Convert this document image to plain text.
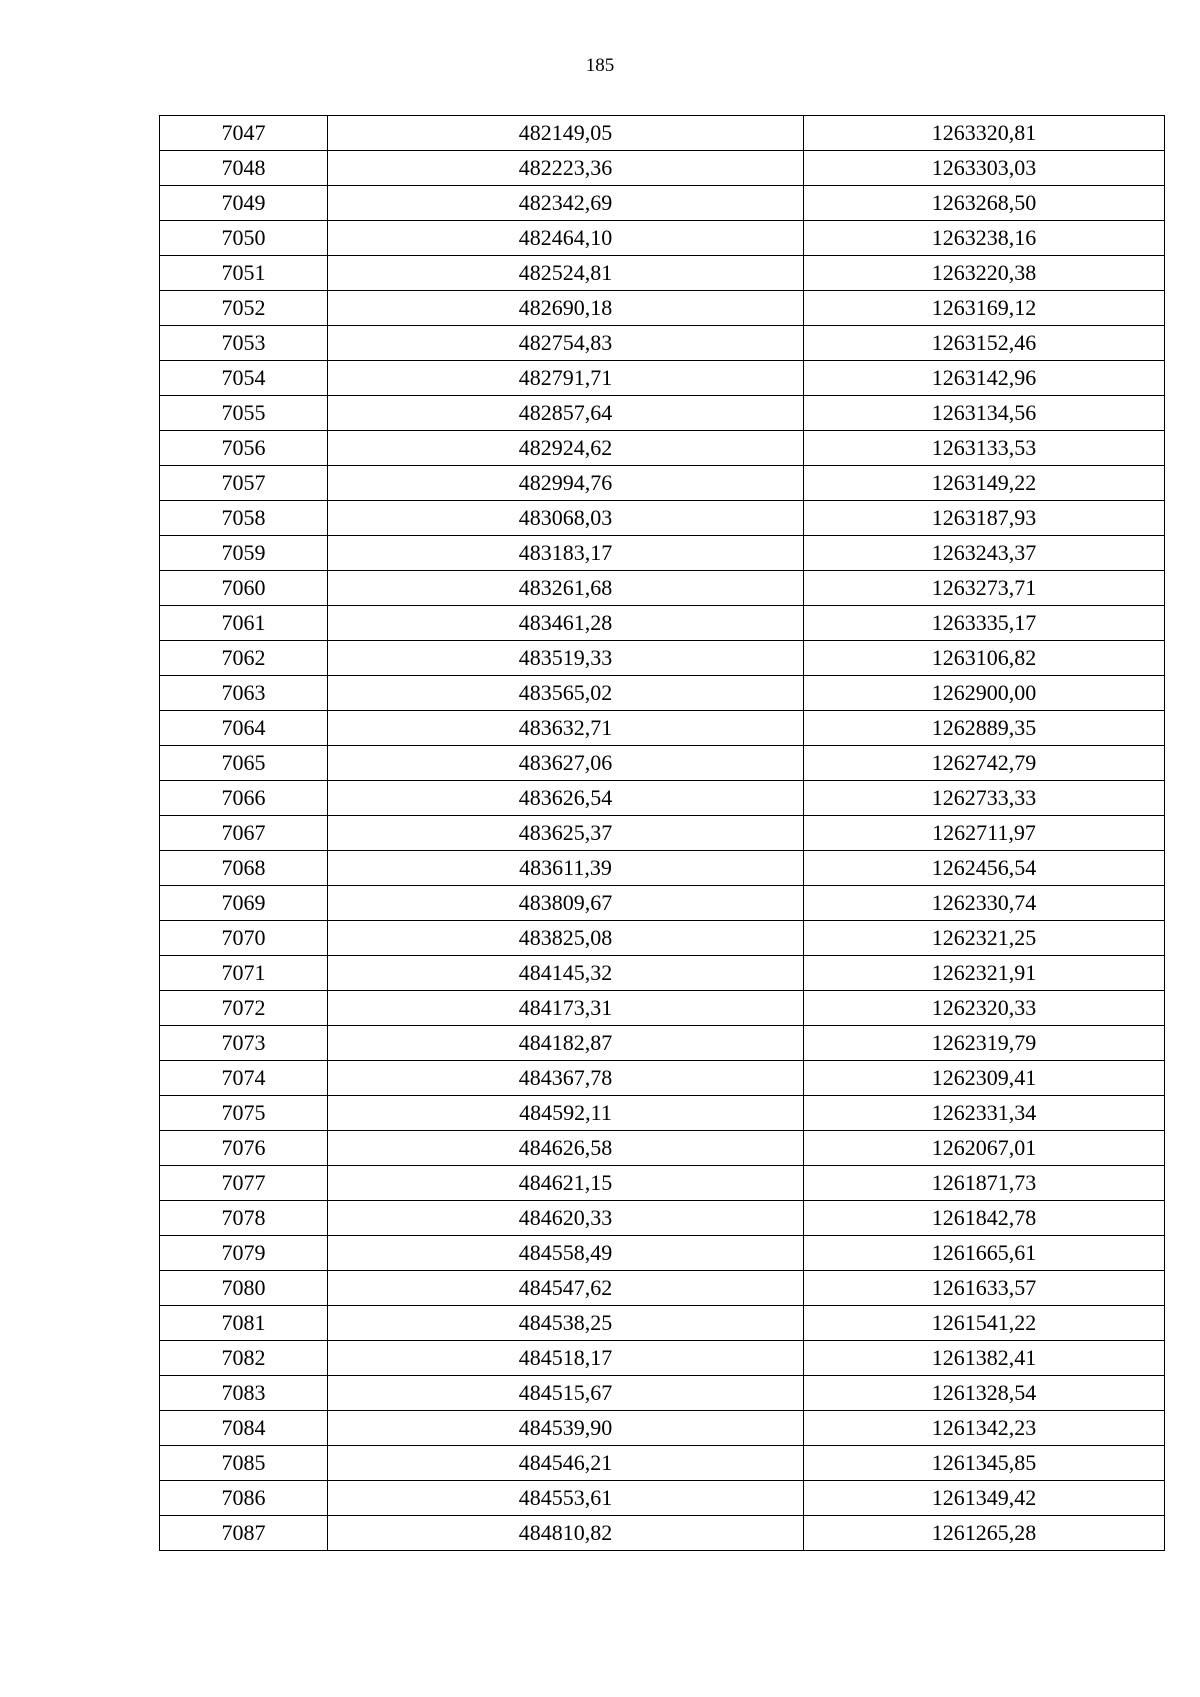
185
7047	482149,05	1263320,81
7048	482223,36	1263303,03
7049	482342,69	1263268,50
7050	482464,10	1263238,16
7051	482524,81	1263220,38
7052	482690,18	1263169,12
7053	482754,83	1263152,46
7054	482791,71	1263142,96
7055	482857,64	1263134,56
7056	482924,62	1263133,53
7057	482994,76	1263149,22
7058	483068,03	1263187,93
7059	483183,17	1263243,37
7060	483261,68	1263273,71
7061	483461,28	1263335,17
7062	483519,33	1263106,82
7063	483565,02	1262900,00
7064	483632,71	1262889,35
7065	483627,06	1262742,79
7066	483626,54	1262733,33
7067	483625,37	1262711,97
7068	483611,39	1262456,54
7069	483809,67	1262330,74
7070	483825,08	1262321,25
7071	484145,32	1262321,91
7072	484173,31	1262320,33
7073	484182,87	1262319,79
7074	484367,78	1262309,41
7075	484592,11	1262331,34
7076	484626,58	1262067,01
7077	484621,15	1261871,73
7078	484620,33	1261842,78
7079	484558,49	1261665,61
7080	484547,62	1261633,57
7081	484538,25	1261541,22
7082	484518,17	1261382,41
7083	484515,67	1261328,54
7084	484539,90	1261342,23
7085	484546,21	1261345,85
7086	484553,61	1261349,42
7087	484810,82	1261265,28
